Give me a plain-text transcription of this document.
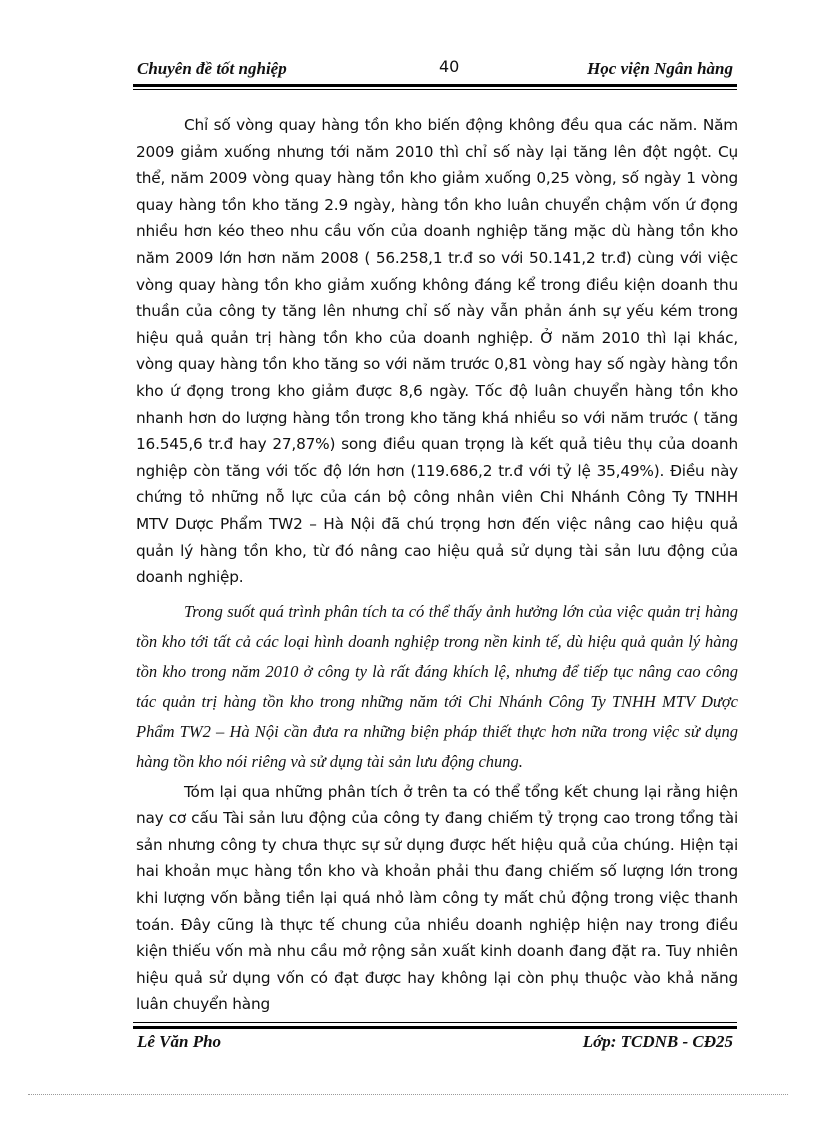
Chuyên đề tốt nghiệp	40	Học viện Ngân hàng

Chỉ số vòng quay hàng tồn kho biến động không đều qua các năm. Năm 2009 giảm xuống nhưng tới năm 2010 thì chỉ số này lại tăng lên đột ngột. Cụ thể, năm 2009 vòng quay hàng tồn kho giảm xuống 0,25 vòng, số ngày 1 vòng quay hàng tồn kho tăng 2.9 ngày, hàng tồn kho luân chuyển chậm vốn ứ đọng nhiều hơn kéo theo nhu cầu vốn của doanh nghiệp tăng mặc dù hàng tồn kho năm 2009 lớn hơn năm 2008 ( 56.258,1 tr.đ so với 50.141,2 tr.đ) cùng với việc vòng quay hàng tồn kho giảm xuống không đáng kể trong điều kiện doanh thu thuần của công ty tăng lên nhưng chỉ số này vẫn phản ánh sự yếu kém trong hiệu quả quản trị hàng tồn kho của doanh nghiệp. Ở năm 2010 thì lại khác, vòng quay hàng tồn kho tăng so với năm trước 0,81 vòng hay số ngày hàng tồn kho ứ đọng trong kho giảm được 8,6 ngày. Tốc độ luân chuyển hàng tồn kho nhanh hơn do lượng hàng tồn trong kho tăng khá nhiều so với năm trước ( tăng 16.545,6 tr.đ hay 27,87%) song điều quan trọng là kết quả tiêu thụ của doanh nghiệp còn tăng với tốc độ lớn hơn (119.686,2 tr.đ với tỷ lệ 35,49%). Điều này chứng tỏ những nỗ lực của cán bộ công nhân viên Chi Nhánh Công Ty TNHH MTV Dược Phẩm TW2 – Hà Nội đã chú trọng hơn đến việc nâng cao hiệu quả quản lý hàng tồn kho, từ đó nâng cao hiệu quả sử dụng tài sản lưu động của doanh nghiệp.

Trong suốt quá trình phân tích ta có thể thấy ảnh hưởng lớn của việc quản trị hàng tồn kho tới tất cả các loại hình doanh nghiệp trong nền kinh tế, dù hiệu quả quản lý hàng tồn kho trong năm 2010 ở công ty là rất đáng khích lệ, nhưng để tiếp tục nâng cao công tác quản trị hàng tồn kho trong những năm tới Chi Nhánh Công Ty TNHH MTV Dược Phẩm TW2 – Hà Nội cần đưa ra những biện pháp thiết thực hơn nữa trong việc sử dụng hàng tồn kho nói riêng và sử dụng tài sản lưu động chung.

Tóm lại qua những phân tích ở trên ta có thể tổng kết chung lại rằng hiện nay cơ cấu Tài sản lưu động của công ty đang chiếm tỷ trọng cao trong tổng tài sản nhưng công ty chưa thực sự sử dụng được hết hiệu quả của chúng. Hiện tại hai khoản mục hàng tồn kho và khoản phải thu đang chiếm số lượng lớn trong khi lượng vốn bằng tiền lại quá nhỏ làm công ty mất chủ động trong việc thanh toán. Đây cũng là thực tế chung của nhiều doanh nghiệp hiện nay trong điều kiện thiếu vốn mà nhu cầu mở rộng sản xuất kinh doanh đang đặt ra. Tuy nhiên hiệu quả sử dụng vốn có đạt được hay không lại còn phụ thuộc vào khả năng luân chuyển hàng

Lê Văn Pho	Lớp: TCDNB - CĐ25
